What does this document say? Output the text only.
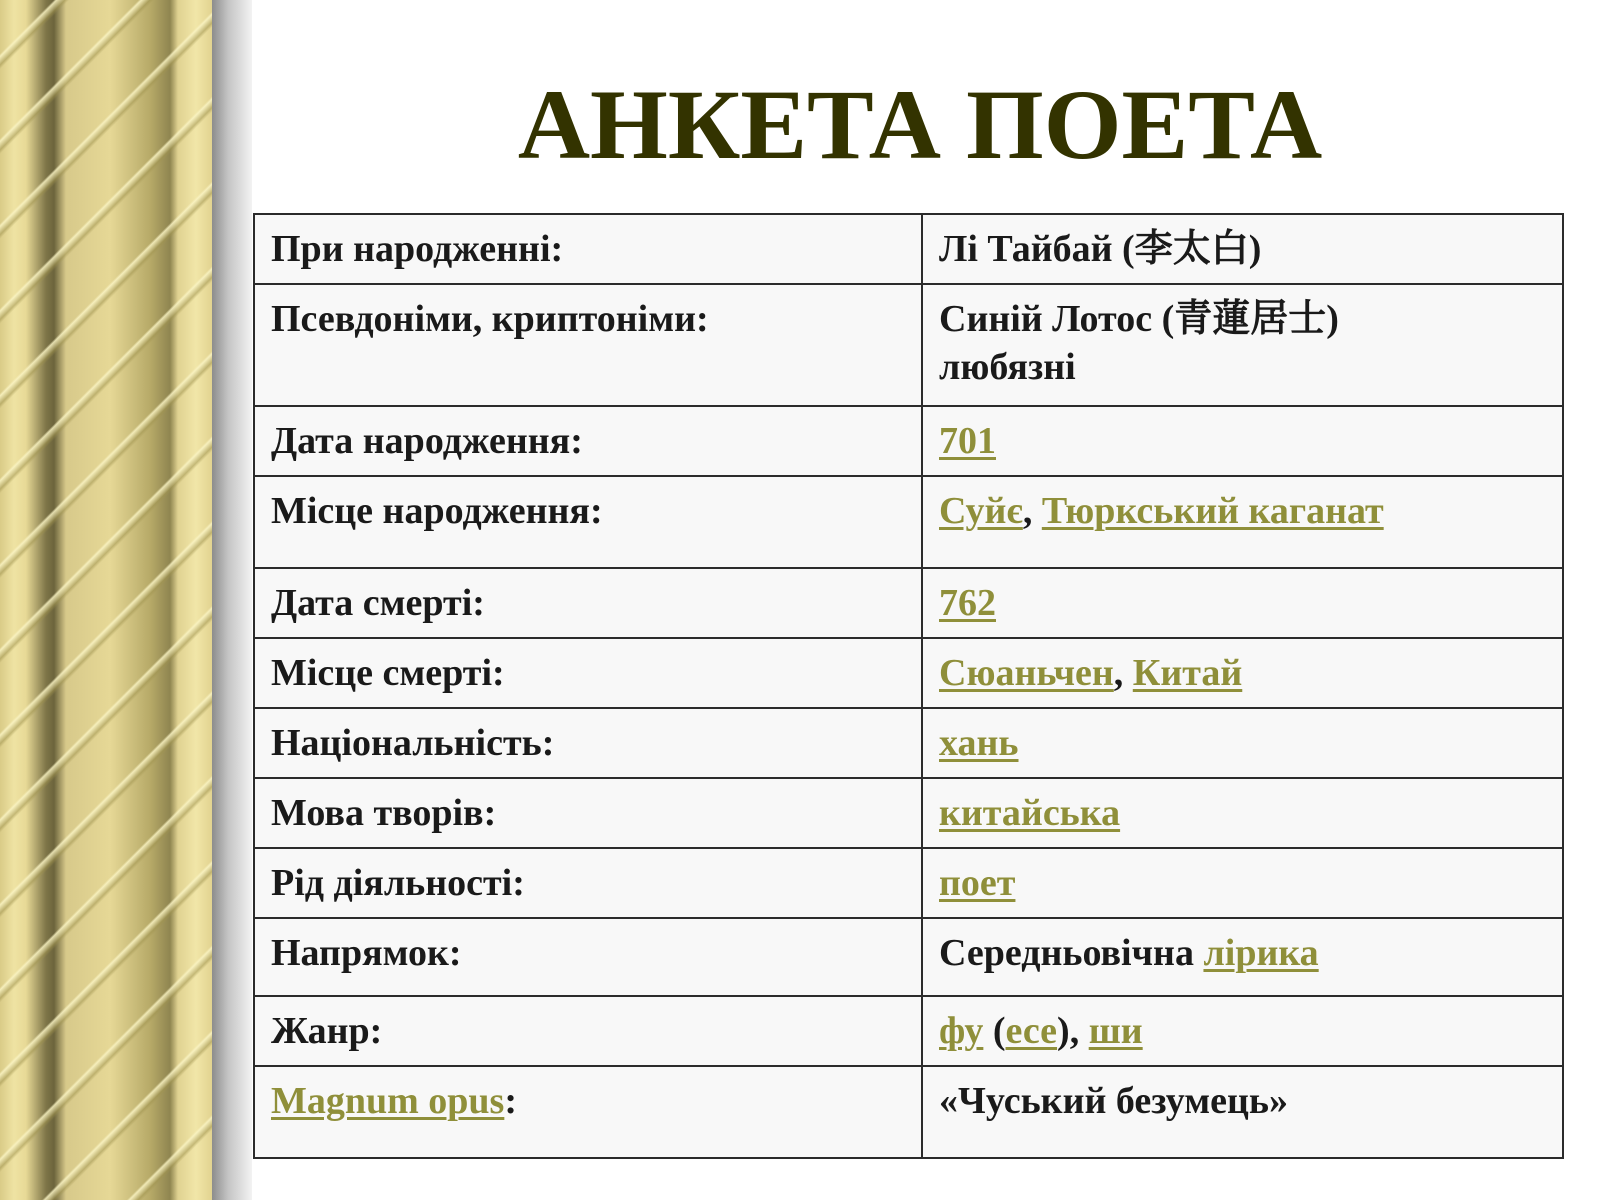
АНКЕТА ПОЕТА
При народженні:	Лі Тайбай (李太白)
Псевдоніми, криптоніми:	Синій Лотос (青蓮居士)
любязні
Дата народження:	701
Місце народження:	Суйє, Тюркський каганат
Дата смерті:	762
Місце смерті:	Сюаньчен, Китай
Національність:	хань
Мова творів:	китайська
Рід діяльності:	поет
Напрямок:	Середньовічна лірика
Жанр:	фу (есе), ши
Magnum opus:	«Чуський безумець»
